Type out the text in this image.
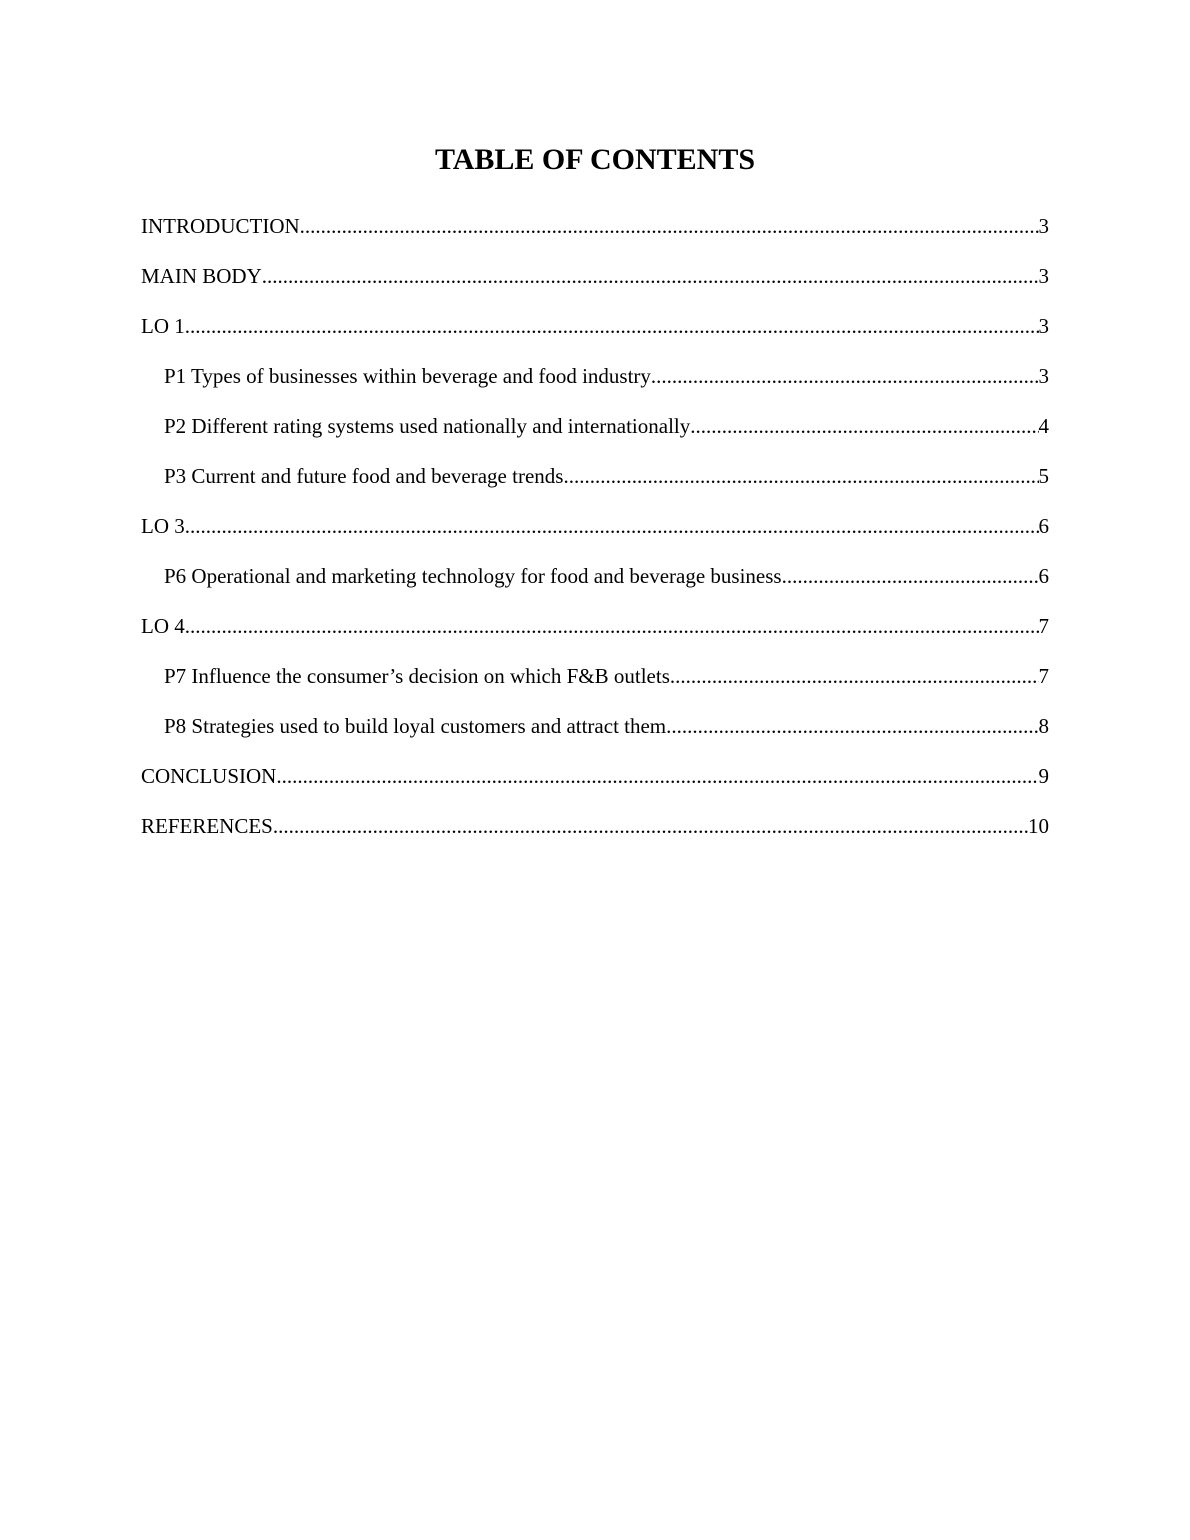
TABLE OF CONTENTS
INTRODUCTION .....	3
MAIN BODY .....	3
LO 1 .....	3
P1 Types of businesses within beverage and food industry .....	3
P2 Different rating systems used nationally and internationally .....	4
P3 Current and future food and beverage trends .....	5
LO 3 .....	6
P6 Operational and marketing technology for food and beverage business .....	6
LO 4 .....	7
P7 Influence the consumer’s decision on which F&B outlets .....	7
P8 Strategies used to build loyal customers and attract them .....	8
CONCLUSION .....	9
REFERENCES .....	10
